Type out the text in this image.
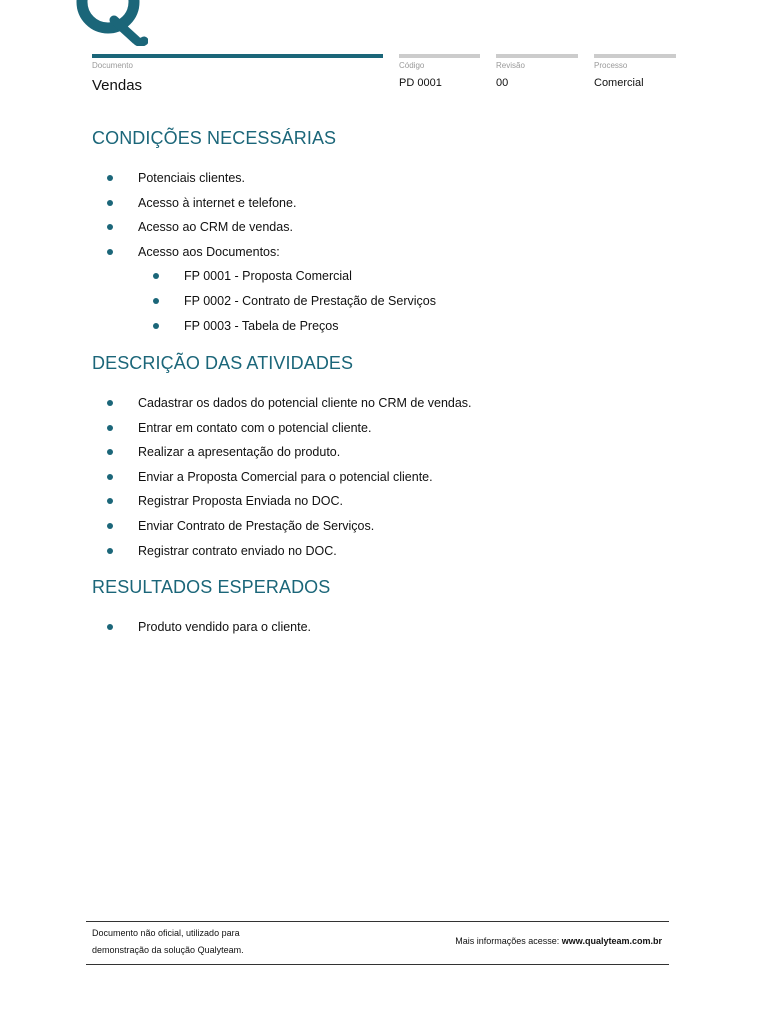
Documento
Vendas
Código
PD 0001
Revisão
00
Processo
Comercial
CONDIÇÕES NECESSÁRIAS
Potenciais clientes.
Acesso à internet e telefone.
Acesso ao CRM de vendas.
Acesso aos Documentos:
FP 0001 - Proposta Comercial
FP 0002 - Contrato de Prestação de Serviços
FP 0003 - Tabela de Preços
DESCRIÇÃO DAS ATIVIDADES
Cadastrar os dados do potencial cliente no CRM de vendas.
Entrar em contato com o potencial cliente.
Realizar a apresentação do produto.
Enviar a Proposta Comercial para o potencial cliente.
Registrar Proposta Enviada no DOC.
Enviar Contrato de Prestação de Serviços.
Registrar contrato enviado no DOC.
RESULTADOS ESPERADOS
Produto vendido para o cliente.
Documento não oficial, utilizado para
demonstração da solução Qualyteam.
Mais informações acesse: www.qualyteam.com.br
